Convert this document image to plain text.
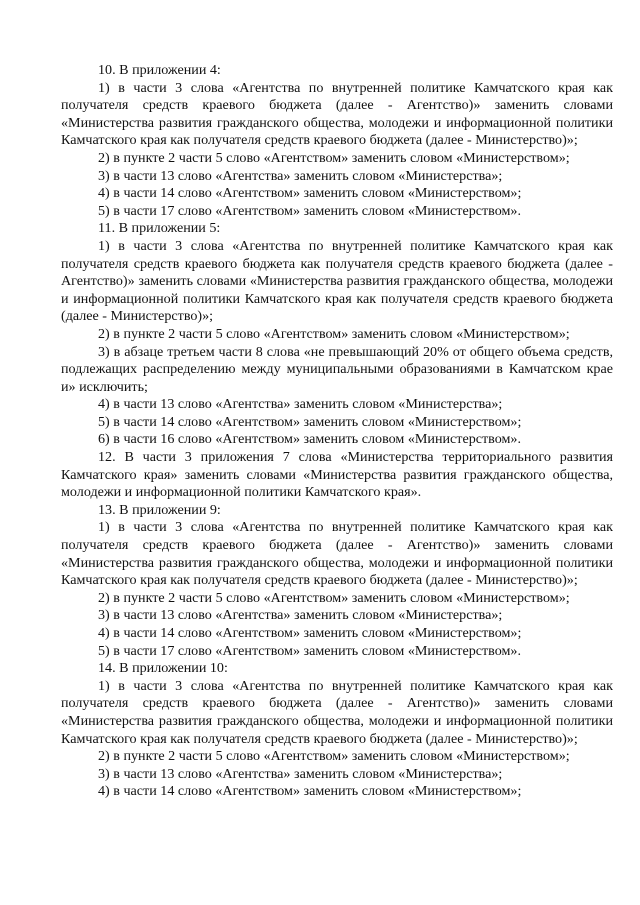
10. В приложении 4:

1) в части 3 слова «Агентства по внутренней политике Камчатского края как получателя средств краевого бюджета (далее - Агентство)» заменить словами «Министерства развития гражданского общества, молодежи и информационной политики Камчатского края как получателя средств краевого бюджета (далее - Министерство)»;

2) в пункте 2 части 5 слово «Агентством» заменить словом «Министерством»;

3) в части 13 слово «Агентства» заменить словом «Министерства»;

4) в части 14 слово «Агентством» заменить словом «Министерством»;

5) в части 17 слово «Агентством» заменить словом «Министерством».

11. В приложении 5:

1) в части 3 слова «Агентства по внутренней политике Камчатского края как получателя средств краевого бюджета как получателя средств краевого бюджета (далее - Агентство)» заменить словами «Министерства развития гражданского общества, молодежи и информационной политики Камчатского края как получателя средств краевого бюджета (далее - Министерство)»;

2) в пункте 2 части 5 слово «Агентством» заменить словом «Министерством»;

3) в абзаце третьем части 8 слова «не превышающий 20% от общего объема средств, подлежащих распределению между муниципальными образованиями в Камчатском крае и» исключить;

4) в части 13 слово «Агентства» заменить словом «Министерства»;

5) в части 14 слово «Агентством» заменить словом «Министерством»;

6) в части 16 слово «Агентством» заменить словом «Министерством».

12. В части 3 приложения 7 слова «Министерства территориального развития Камчатского края» заменить словами «Министерства развития гражданского общества, молодежи и информационной политики Камчатского края».

13. В приложении 9:

1) в части 3 слова «Агентства по внутренней политике Камчатского края как получателя средств краевого бюджета (далее - Агентство)» заменить словами «Министерства развития гражданского общества, молодежи и информационной политики Камчатского края как получателя средств краевого бюджета (далее - Министерство)»;

2) в пункте 2 части 5 слово «Агентством» заменить словом «Министерством»;

3) в части 13 слово «Агентства» заменить словом «Министерства»;

4) в части 14 слово «Агентством» заменить словом «Министерством»;

5) в части 17 слово «Агентством» заменить словом «Министерством».

14. В приложении 10:

1) в части 3 слова «Агентства по внутренней политике Камчатского края как получателя средств краевого бюджета (далее - Агентство)» заменить словами «Министерства развития гражданского общества, молодежи и информационной политики Камчатского края как получателя средств краевого бюджета (далее - Министерство)»;

2) в пункте 2 части 5 слово «Агентством» заменить словом «Министерством»;

3) в части 13 слово «Агентства» заменить словом «Министерства»;

4) в части 14 слово «Агентством» заменить словом «Министерством»;
